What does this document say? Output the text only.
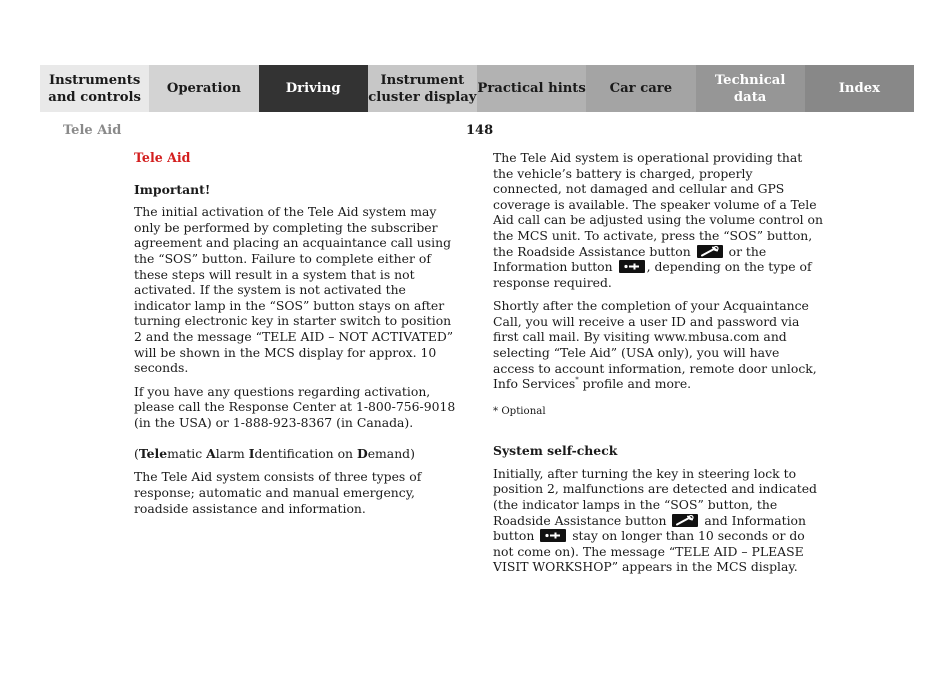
Instruments
and controls
Operation	Driving
Instrument
cluster display
Practical hints	Car care
Technical
data
Index
Tele Aid	148

Tele Aid

Important!

The initial activation of the Tele Aid system may only be performed by completing the subscriber agreement and placing an acquaintance call using the “SOS” button. Failure to complete either of these steps will result in a system that is not activated. If the system is not activated the indicator lamp in the “SOS” button stays on after turning electronic key in starter switch to position 2 and the message “TELE AID – NOT ACTIVATED” will be shown in the MCS display for approx. 10 seconds.

If you have any questions regarding activation, please call the Response Center at 1-800-756-9018 (in the USA) or 1-888-923-8367 (in Canada).

(Telematic Alarm Identification on Demand)

The Tele Aid system consists of three types of response; automatic and manual emergency, roadside assistance and information.

The Tele Aid system is operational providing that the vehicle’s battery is charged, properly connected, not damaged and cellular and GPS coverage is available. The speaker volume of a Tele Aid call can be adjusted using the volume control on the MCS unit. To activate, press the “SOS” button, the Roadside Assistance button
or the Information button
, depending on the type of response required.

Shortly after the completion of your Acquaintance Call, you will receive a user ID and password via first call mail. By visiting www.mbusa.com and selecting “Tele Aid” (USA only), you will have access to account information, remote door unlock, Info Services* profile and more.

* Optional

System self-check

Initially, after turning the key in steering lock to position 2, malfunctions are detected and indicated (the indicator lamps in the “SOS” button, the Roadside Assistance button
and Information button
stay on longer than 10 seconds or do not come on). The message “TELE AID – PLEASE VISIT WORKSHOP” appears in the MCS display.
